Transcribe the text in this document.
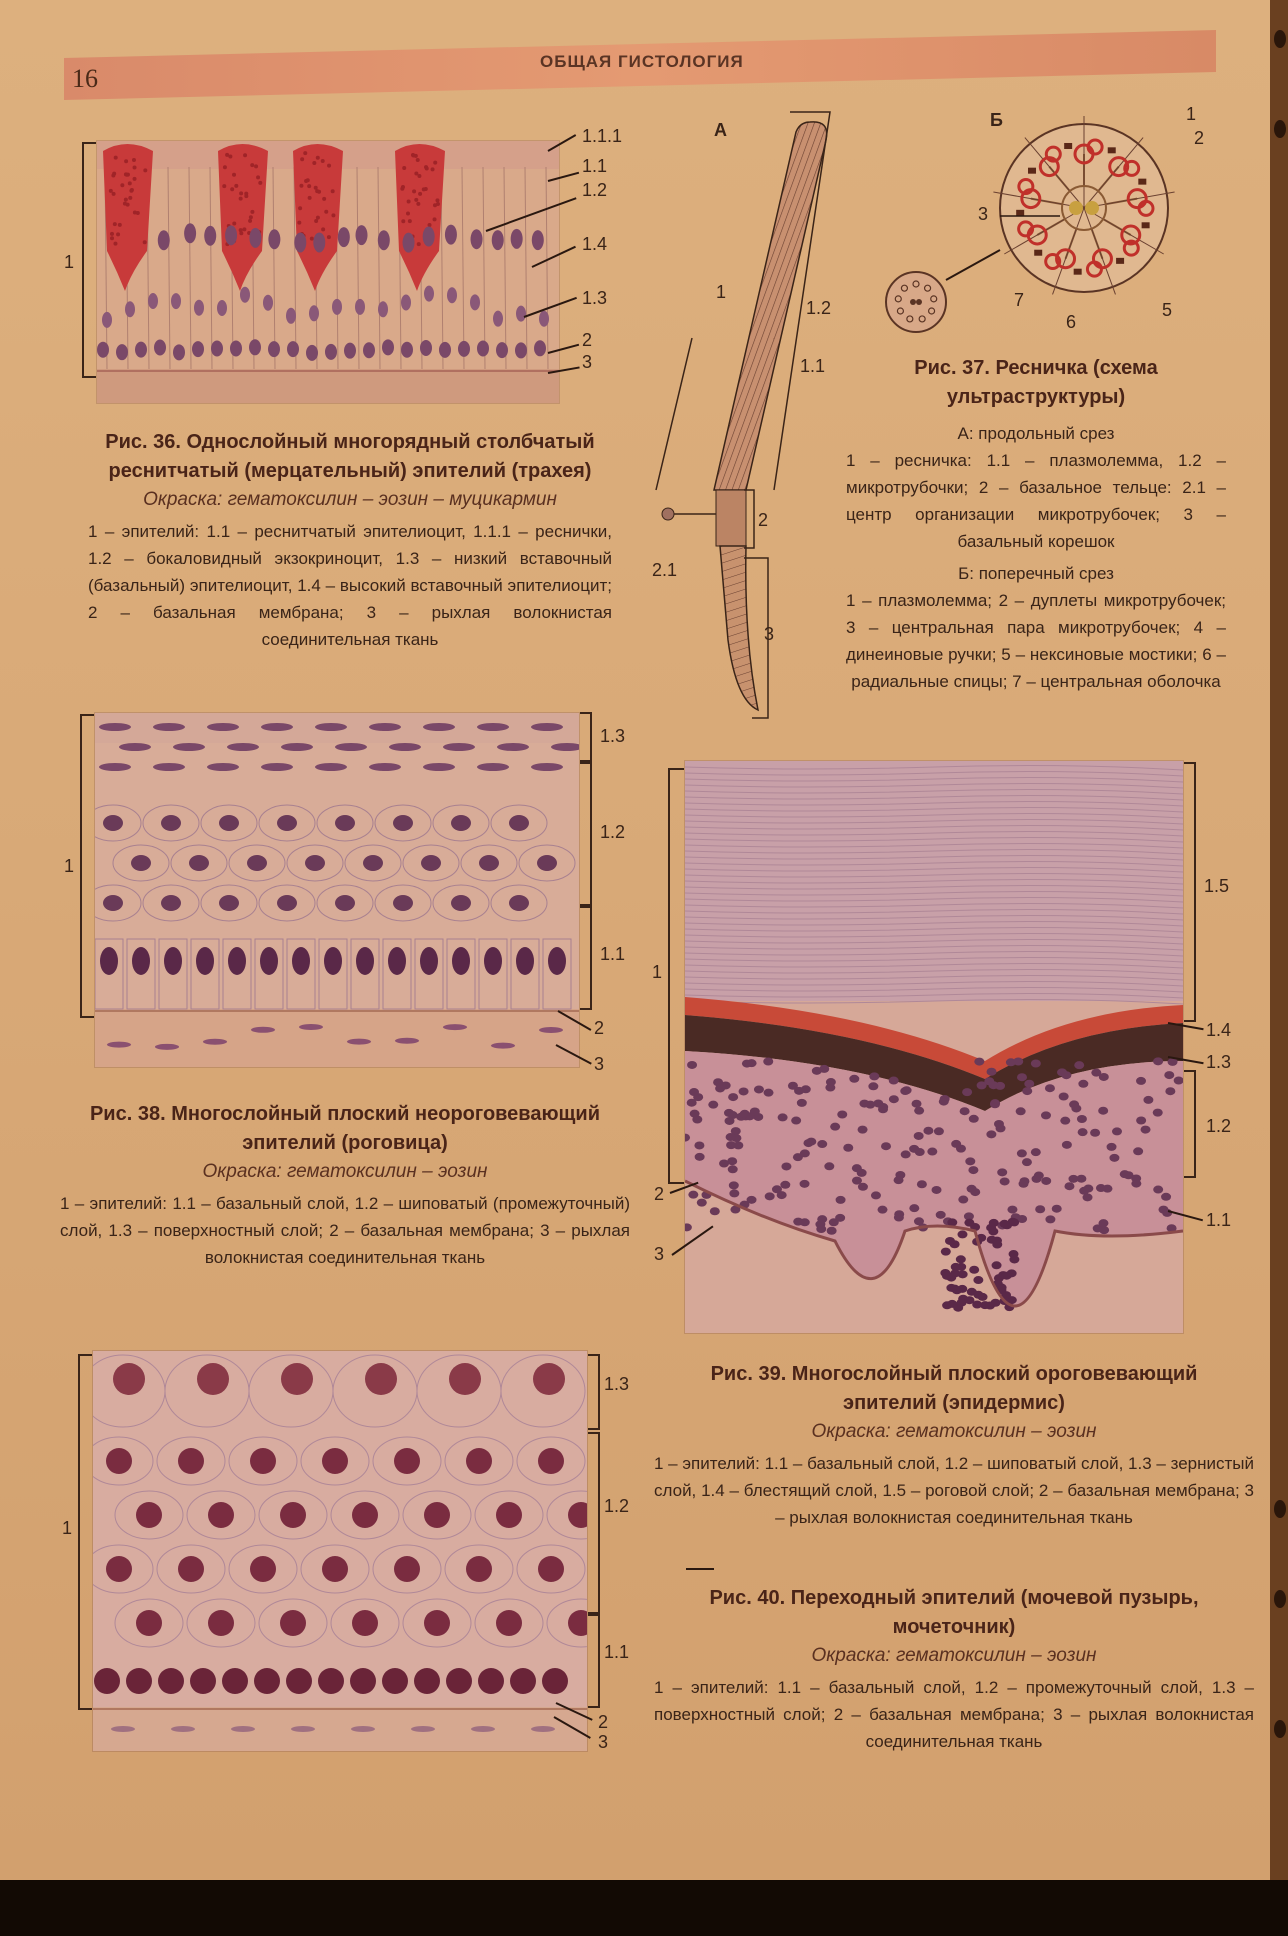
16
ОБЩАЯ ГИСТОЛОГИЯ
1
1.1.1
1.1
1.2
1.4
1.3
2
3
Рис. 36. Однослойный многорядный столбчатый реснитчатый (мерцательный) эпителий (трахея)
Окраска: гематоксилин – эозин – муцикармин
1 – эпителий: 1.1 – реснитчатый эпителиоцит, 1.1.1 – реснички, 1.2 – бокаловидный экзокриноцит, 1.3 – низкий вставочный (базальный) эпителиоцит, 1.4 – высокий вставочный эпителиоцит; 2 – базальная мембрана; 3 – рыхлая волокнистая соединительная ткань
А
1
1.2
1.1
2
2.1
3
Б
3
7
6
5
1
2
Рис. 37. Ресничка (схема ультраструктуры)
А: продольный срез
1 – ресничка: 1.1 – плазмолемма, 1.2 – микротрубочки; 2 – базальное тельце: 2.1 – центр организации микротрубочек; 3 – базальный корешок
Б: поперечный срез
1 – плазмолемма; 2 – дуплеты микротрубочек; 3 – центральная пара микротрубочек; 4 – динеиновые ручки; 5 – нексиновые мостики; 6 – радиальные спицы; 7 – центральная оболочка
1
1.3
1.2
1.1
2
3
Рис. 38. Многослойный плоский неороговевающий эпителий (роговица)
Окраска: гематоксилин – эозин
1 – эпителий: 1.1 – базальный слой, 1.2 – шиповатый (промежуточный) слой, 1.3 – поверхностный слой; 2 – базальная мембрана; 3 – рыхлая волокнистая соединительная ткань
1
1.5
1.4
1.3
1.2
1.1
2
3
Рис. 39. Многослойный плоский ороговевающий эпителий (эпидермис)
Окраска: гематоксилин – эозин
1 – эпителий: 1.1 – базальный слой, 1.2 – шиповатый слой, 1.3 – зернистый слой, 1.4 – блестящий слой, 1.5 – роговой слой; 2 – базальная мембрана; 3 – рыхлая волокнистая соединительная ткань
1
1.3
1.2
1.1
2
3
Рис. 40. Переходный эпителий (мочевой пузырь, мочеточник)
Окраска: гематоксилин – эозин
1 – эпителий: 1.1 – базальный слой, 1.2 – промежуточный слой, 1.3 – поверхностный слой; 2 – базальная мембрана; 3 – рыхлая волокнистая соединительная ткань
